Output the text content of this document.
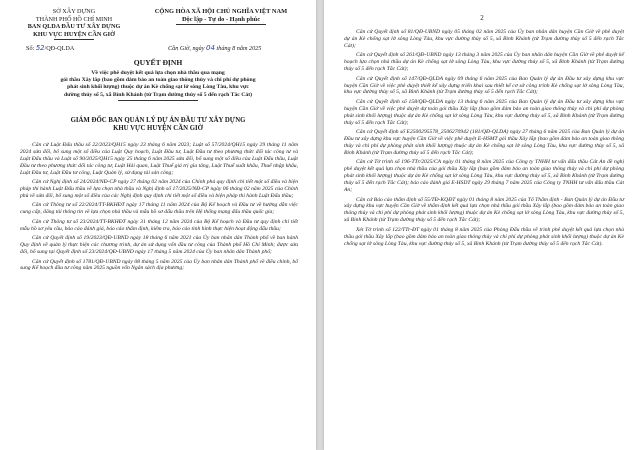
SỞ XÂY DỰNG
THÀNH PHỐ HỒ CHÍ MINH
BAN QLDA ĐẦU TƯ XÂY DỰNG
KHU VỰC HUYỆN CẦN GIỜ
CỘNG HÒA XÃ HỘI CHỦ NGHĨA VIỆT NAM
Độc lập - Tự do - Hạnh phúc
Số: 52/QĐ-QLDA	Cần Giờ, ngày 04 tháng 8 năm 2025
QUYẾT ĐỊNH
Về việc phê duyệt kết quả lựa chọn nhà thầu qua mạng
gói thầu Xây lắp (bao gồm đảm bảo an toàn giao thông thủy và chi phí dự phòng
phát sinh khối lượng) thuộc dự án Kè chống sạt lở sông Lòng Tàu, khu vực
đường thủy số 5, xã Bình Khánh (từ Trạm đường thủy số 5 đến rạch Tắc Cát)
GIÁM ĐỐC BAN QUẢN LÝ DỰ ÁN ĐẦU TƯ XÂY DỰNG
KHU VỰC HUYỆN CẦN GIỜ

Căn cứ Luật Đấu thầu số 22/2023/QH15 ngày 23 tháng 6 năm 2023; Luật số 57/2024/QH15 ngày 29 tháng 11 năm 2024 sửa đổi, bổ sung một số điều của Luật Quy hoạch, Luật Đầu tư, Luật Đầu tư theo phương thức đối tác công tư và Luật Đấu thầu và Luật số 90/2025/QH15 ngày 25 tháng 6 năm 2025 sửa đổi, bổ sung một số điều của Luật Đấu thầu, Luật Đầu tư theo phương thức đối tác công tư, Luật Hải quan, Luật Thuế giá trị gia tăng, Luật Thuế xuất khẩu, Thuế nhập khẩu, Luật Đầu tư, Luật Đầu tư công, Luật Quản lý, sử dụng tài sản công;

Căn cứ Nghị định số 24/2024/NĐ-CP ngày 27 tháng 02 năm 2024 của Chính phủ quy định chi tiết một số điều và biện pháp thi hành Luật Đấu thầu về lựa chọn nhà thầu và Nghị định số 17/2025/NĐ-CP ngày 06 tháng 02 năm 2025 của Chính phủ về sửa đổi, bổ sung một số điều của các Nghị định quy định chi tiết một số điều và biện pháp thi hành Luật Đấu thầu;

Căn cứ Thông tư số 22/2024/TT-BKHĐT ngày 17 tháng 11 năm 2024 của Bộ Kế hoạch và Đầu tư về hướng dẫn việc cung cấp, đăng tải thông tin về lựa chọn nhà thầu và mẫu hồ sơ đấu thầu trên Hệ thống mạng đấu thầu quốc gia;

Căn cứ Thông tư số 23/2024/TT-BKHĐT ngày 31 tháng 12 năm 2024 của Bộ Kế hoạch và Đầu tư quy định chi tiết mẫu hồ sơ yêu cầu, báo cáo đánh giá, báo cáo thẩm định, kiểm tra, báo cáo tình hình thực hiện hoạt động đấu thầu;

Căn cứ Quyết định số 19/2023/QĐ-UBND ngày 18 tháng 6 năm 2021 của Ủy ban nhân dân Thành phố về ban hành Quy định về quản lý thực hiện các chương trình, dự án sử dụng vốn đầu tư công của Thành phố Hồ Chí Minh; được sửa đổi, bổ sung tại Quyết định số 23/2024/QĐ-UBND ngày 17 tháng 5 năm 2024 của Ủy ban nhân dân Thành phố;

Căn cứ Quyết định số 1781/QĐ-UBND ngày 08 tháng 5 năm 2025 của Ủy ban nhân dân Thành phố về điều chỉnh, bổ sung Kế hoạch đầu tư công năm 2025 nguồn vốn Ngân sách địa phương;

2

Căn cứ Quyết định số 81/QĐ-UBND ngày 05 tháng 02 năm 2025 của Ủy ban nhân dân huyện Cần Giờ về phê duyệt dự án Kè chống sạt lở sông Lòng Tàu, khu vực đường thủy số 5, xã Bình Khánh (từ Trạm đường thủy số 5 đến rạch Tắc Cát);

Căn cứ Quyết định số 261/QĐ-UBND ngày 13 tháng 3 năm 2025 của Ủy ban nhân dân huyện Cần Giờ về phê duyệt kế hoạch lựa chọn nhà thầu dự án Kè chống sạt lở sông Lòng Tàu, khu vực đường thủy số 5, xã Bình Khánh (từ Trạm đường thủy số 5 đến rạch Tắc Cát);

Căn cứ Quyết định số 147/QĐ-QLDA ngày 09 tháng 6 năm 2025 của Ban Quản lý dự án Đầu tư xây dựng khu vực huyện Cần Giờ về việc phê duyệt thiết kế xây dựng triển khai sau thiết kế cơ sở công trình Kè chống sạt lở sông Lòng Tàu, khu vực đường thủy số 5, xã Bình Khánh (từ Trạm đường thủy số 5 đến rạch Tắc Cát);

Căn cứ Quyết định số 158/QĐ-QLDA ngày 13 tháng 6 năm 2025 của Ban Quản lý dự án Đầu tư xây dựng khu vực huyện Cần Giờ về việc phê duyệt dự toán gói thầu Xây lắp (bao gồm đảm bảo an toàn giao thông thủy và chi phí dự phòng phát sinh khối lượng) thuộc dự án Kè chống sạt lở sông Lòng Tàu, khu vực đường thủy số 5, xã Bình Khánh (từ Trạm đường thủy số 5 đến rạch Tắc Cát);

Căn cứ Quyết định số E2500295578_2506270942 (181/QĐ-QLDA) ngày 27 tháng 6 năm 2025 của Ban Quản lý dự án Đầu tư xây dựng khu vực huyện Cần Giờ về việc phê duyệt E-HSMT gói thầu Xây lắp (bao gồm đảm bảo an toàn giao thông thủy và chi phí dự phòng phát sinh khối lượng) thuộc dự án Kè chống sạt lở sông Lòng Tàu, khu vực đường thủy số 5, xã Bình Khánh (từ Trạm đường thủy số 5 đến rạch Tắc Cát);

Căn cứ Tờ trình số 196-TTr/2025/CA ngày 01 tháng 8 năm 2025 của Công ty TNHH tư vấn đấu thầu Cát An đề nghị phê duyệt kết quả lựa chọn nhà thầu của gói thầu Xây lắp (bao gồm đảm bảo an toàn giao thông thủy và chi phí dự phòng phát sinh khối lượng) thuộc dự án Kè chống sạt lở sông Lòng Tàu, khu vực đường thủy số 5, xã Bình Khánh (từ Trạm đường thủy số 5 đến rạch Tắc Cát); báo cáo đánh giá E-HSDT ngày 29 tháng 7 năm 2025 của Công ty TNHH tư vấn đấu thầu Cát An;

Căn cứ Báo cáo thẩm định số 55/TĐ-KQĐT ngày 01 tháng 8 năm 2025 của Tổ Thẩm định - Ban Quản lý dự án Đầu tư xây dựng khu vực huyện Cần Giờ về thẩm định kết quả lựa chọn nhà thầu gói thầu Xây lắp (bao gồm đảm bảo an toàn giao thông thủy và chi phí dự phòng phát sinh khối lượng) thuộc dự án Kè chống sạt lở sông Lòng Tàu, khu vực đường thủy số 5, xã Bình Khánh (từ Trạm đường thủy số 5 đến rạch Tắc Cát);

Xét Tờ trình số 122/TTr-ĐT ngày 01 tháng 8 năm 2025 của Phòng Đấu thầu về trình phê duyệt kết quả lựa chọn nhà thầu gói thầu Xây lắp (bao gồm đảm bảo an toàn giao thông thủy và chi phí dự phòng phát sinh khối lượng) thuộc dự án Kè chống sạt lở sông Lòng Tàu, khu vực đường thủy số 5, xã Bình Khánh (từ Trạm đường thủy số 5 đến rạch Tắc Cát).
